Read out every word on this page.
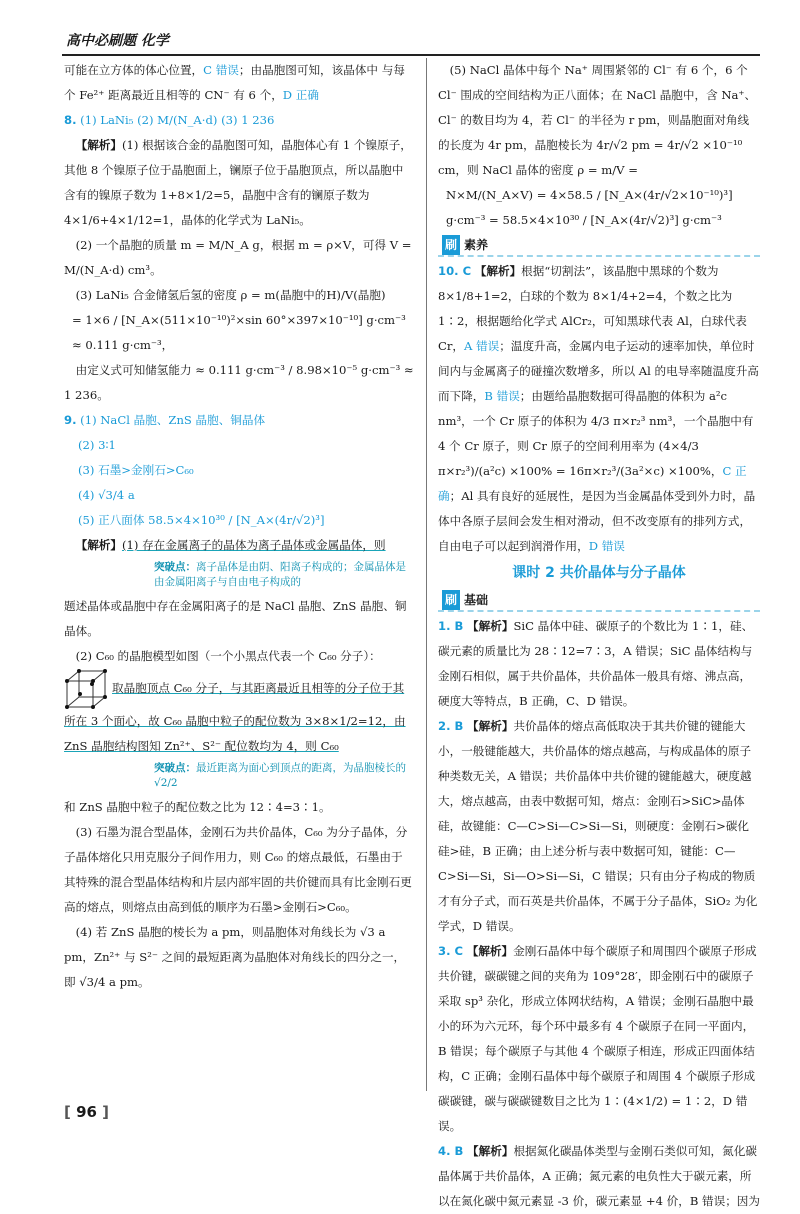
高中必刷题 化学

可能在立方体的体心位置，C 错误；由晶胞图可知，该晶体中 与每个 Fe²⁺ 距离最近且相等的 CN⁻ 有 6 个，D 正确

8. (1) LaNi₅ (2) M/(N_A·d) (3) 1 236

【解析】(1) 根据该合金的晶胞图可知，晶胞体心有 1 个镍原子，其他 8 个镍原子位于晶胞面上，镧原子位于晶胞顶点，所以晶胞中含有的镍原子数为 1+8×1/2=5，晶胞中含有的镧原子数为 4×1/6+4×1/12=1，晶体的化学式为 LaNi₅。

(2) 一个晶胞的质量 m = M/N_A g，根据 m = ρ×V，可得 V = M/(N_A·d) cm³。

(3) LaNi₅ 合金储氢后氢的密度 ρ = m(晶胞中的H)/V(晶胞)

= 1×6 / [N_A×(511×10⁻¹⁰)²×sin 60°×397×10⁻¹⁰] g·cm⁻³ ≈ 0.111 g·cm⁻³，

由定义式可知储氢能力 ≈ 0.111 g·cm⁻³ / 8.98×10⁻⁵ g·cm⁻³ ≈ 1 236。

9. (1) NaCl 晶胞、ZnS 晶胞、铜晶体

(2) 3∶1

(3) 石墨>金刚石>C₆₀

(4) √3/4 a

(5) 正八面体 58.5×4×10³⁰ / [N_A×(4r/√2)³]

【解析】(1) 存在金属离子的晶体为离子晶体或金属晶体，则

突破点：离子晶体是由阴、阳离子构成的；金属晶体是由金属阳离子与自由电子构成的

题述晶体或晶胞中存在金属阳离子的是 NaCl 晶胞、ZnS 晶胞、铜晶体。

(2) C₆₀ 的晶胞模型如图（一个小黑点代表一个 C₆₀ 分子）：

取晶胞顶点 C₆₀ 分子，与其距离最近且相等的分子位于其所在 3 个面心，故 C₆₀ 晶胞中粒子的配位数为 3×8×1/2=12，由 ZnS 晶胞结构图知 Zn²⁺、S²⁻ 配位数均为 4，则 C₆₀

突破点：最近距离为面心到顶点的距离，为晶胞棱长的 √2/2

和 ZnS 晶胞中粒子的配位数之比为 12∶4=3∶1。

(3) 石墨为混合型晶体，金刚石为共价晶体，C₆₀ 为分子晶体，分子晶体熔化只用克服分子间作用力，则 C₆₀ 的熔点最低，石墨由于其特殊的混合型晶体结构和片层内部牢固的共价键而具有比金刚石更高的熔点，则熔点由高到低的顺序为石墨>金刚石>C₆₀。

(4) 若 ZnS 晶胞的棱长为 a pm，则晶胞体对角线长为 √3 a pm，Zn²⁺ 与 S²⁻ 之间的最短距离为晶胞体对角线长的四分之一，即 √3/4 a pm。

(5) NaCl 晶体中每个 Na⁺ 周围紧邻的 Cl⁻ 有 6 个，6 个 Cl⁻ 围成的空间结构为正八面体；在 NaCl 晶胞中，含 Na⁺、Cl⁻ 的数目均为 4，若 Cl⁻ 的半径为 r pm，则晶胞面对角线的长度为 4r pm，晶胞棱长为 4r/√2 pm = 4r/√2 ×10⁻¹⁰ cm，则 NaCl 晶体的密度 ρ = m/V =

N×M/(N_A×V) = 4×58.5 / [N_A×(4r/√2×10⁻¹⁰)³] g·cm⁻³ = 58.5×4×10³⁰ / [N_A×(4r/√2)³] g·cm⁻³

刷 素养

10. C 【解析】根据“切割法”，该晶胞中黑球的个数为 8×1/8+1=2，白球的个数为 8×1/4+2=4，个数之比为 1∶2，根据题给化学式 AlCr₂，可知黑球代表 Al，白球代表 Cr，A 错误；温度升高，金属内电子运动的速率加快，单位时间内与金属离子的碰撞次数增多，所以 Al 的电导率随温度升高而下降，B 错误；由题给晶胞数据可得晶胞的体积为 a²c nm³，一个 Cr 原子的体积为 4/3 π×r₂³ nm³，一个晶胞中有 4 个 Cr 原子，则 Cr 原子的空间利用率为 (4×4/3 π×r₂³)/(a²c) ×100% = 16π×r₂³/(3a²×c) ×100%，C 正确；Al 具有良好的延展性，是因为当金属晶体受到外力时，晶体中各原子层间会发生相对滑动，但不改变原有的排列方式，自由电子可以起到润滑作用，D 错误

课时 2 共价晶体与分子晶体
刷 基础

1. B 【解析】SiC 晶体中硅、碳原子的个数比为 1∶1，硅、碳元素的质量比为 28∶12=7∶3，A 错误；SiC 晶体结构与金刚石相似，属于共价晶体，共价晶体一般具有熔、沸点高，硬度大等特点，B 正确，C、D 错误。

2. B 【解析】共价晶体的熔点高低取决于其共价键的键能大小，一般键能越大，共价晶体的熔点越高，与构成晶体的原子种类数无关，A 错误；共价晶体中共价键的键能越大，硬度越大，熔点越高，由表中数据可知，熔点：金刚石>SiC>晶体硅，故键能：C—C>Si—C>Si—Si，则硬度：金刚石>碳化硅>硅，B 正确；由上述分析与表中数据可知，键能：C—C>Si—Si，Si—O>Si—Si，C 错误；只有由分子构成的物质才有分子式，而石英是共价晶体，不属于分子晶体，SiO₂ 为化学式，D 错误。

3. C 【解析】金刚石晶体中每个碳原子和周围四个碳原子形成共价键，碳碳键之间的夹角为 109°28′，即金刚石中的碳原子采取 sp³ 杂化，形成立体网状结构，A 错误；金刚石晶胞中最小的环为六元环，每个环中最多有 4 个碳原子在同一平面内，B 错误；每个碳原子与其他 4 个碳原子相连，形成正四面体结构，C 正确；金刚石晶体中每个碳原子和周围 4 个碳原子形成碳碳键，碳与碳碳键数目之比为 1∶(4×1/2) = 1∶2，D 错误。

4. B 【解析】根据氮化碳晶体类型与金刚石类似可知，氮化碳晶体属于共价晶体，A 正确；氮元素的电负性大于碳元素，所以在氮化碳中氮元素显 -3 价，碳元素显 +4 价，B 错误；因为

[ 96 ]
